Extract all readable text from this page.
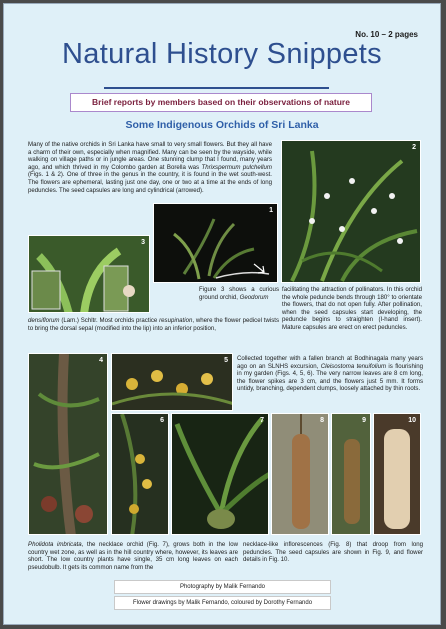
No. 10 – 2 pages
Natural History Snippets
Brief reports by members based on their observations of nature
Some Indigenous Orchids of Sri Lanka
Many of the native orchids in Sri Lanka have small to very small flowers. But they all have a charm of their own, especially when magnified. Many can be seen by the wayside, while walking on village paths or in jungle areas. One stunning clump that I found, many years ago, and which thrived in my Colombo garden at Borella was Thrixspermum pulchellum (Figs. 1 & 2). One of three in the genus in the country, it is found in the wet south-west. The flowers are ephemeral, lasting just one day, one or two at a time at the ends of long peduncles. The seed capsules are long and cylindrical (arrowed).
1
2
3
Figure 3 shows a curious ground orchid, Geodorum
densiflorum (Lam.) Schltr. Most orchids practice resupination, where the flower pedicel twists to bring the dorsal sepal (modified into the lip) into an inferior position,
facilitating the attraction of pollinators. In this orchid the whole peduncle bends through 180° to orientate the flowers, that do not open fully. After pollination, when the seed capsules start developing, the peduncle begins to straighten (I-hand insert). Mature capsules are erect on erect peduncles.
4	5 Collected together with a fallen branch at Bodhinagala many years ago on an SLNHS excursion, Cleisostoma tenuifolium is flourishing in my garden (Figs. 4, 5, 6). The very narrow leaves are 8 cm long, the flower spikes are 3 cm, and the flowers just 5 mm. It forms untidy, branching, dependent clumps, loosely attached by thin roots.
6	7	8	9	10
Pholidota imbricata, the necklace orchid (Fig. 7), grows both in the low country wet zone, as well as in the hill country where, however, its leaves are short. The low country plants have single, 35 cm long leaves on each pseudobulb. It gets its common name from the
necklace-like inflorescences (Fig. 8) that droop from long peduncles. The seed capsules are shown in Fig. 9, and flower details in Fig. 10.
Photography by Malik Fernando
Flower drawings by Malik Fernando, coloured by Dorothy Fernando
